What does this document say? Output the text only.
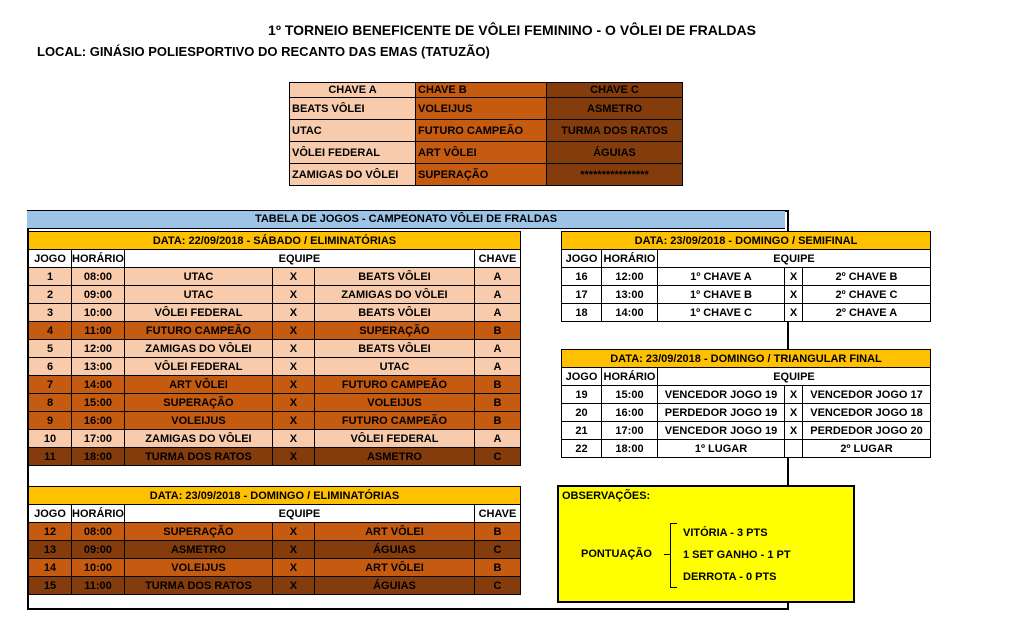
1º TORNEIO BENEFICENTE DE VÔLEI FEMININO - O VÔLEI DE FRALDAS
LOCAL: GINÁSIO POLIESPORTIVO DO RECANTO DAS EMAS (TATUZÃO)
CHAVE A	CHAVE B	CHAVE C
BEATS VÔLEI	VOLEIJUS	ASMETRO
UTAC	FUTURO CAMPEÃO	TURMA DOS RATOS
VÔLEI FEDERAL	ART VÔLEI	ÁGUIAS
ZAMIGAS DO VÔLEI	SUPERAÇÃO	****************
TABELA DE JOGOS - CAMPEONATO VÔLEI DE FRALDAS
DATA: 22/09/2018 - SÁBADO / ELIMINATÓRIAS					
JOGO	HORÁRIO	EQUIPE			CHAVE
1	08:00	UTAC	X	BEATS VÔLEI	A
2	09:00	UTAC	X	ZAMIGAS DO VÔLEI	A
3	10:00	VÔLEI FEDERAL	X	BEATS VÔLEI	A
4	11:00	FUTURO CAMPEÃO	X	SUPERAÇÃO	B
5	12:00	ZAMIGAS DO VÔLEI	X	BEATS VÔLEI	A
6	13:00	VÔLEI FEDERAL	X	UTAC	A
7	14:00	ART VÔLEI	X	FUTURO CAMPEÃO	B
8	15:00	SUPERAÇÃO	X	VOLEIJUS	B
9	16:00	VOLEIJUS	X	FUTURO CAMPEÃO	B
10	17:00	ZAMIGAS DO VÔLEI	X	VÔLEI FEDERAL	A
11	18:00	TURMA DOS RATOS	X	ASMETRO	C
DATA: 23/09/2018 - DOMINGO / ELIMINATÓRIAS					
JOGO	HORÁRIO	EQUIPE			CHAVE
12	08:00	SUPERAÇÃO	X	ART VÔLEI	B
13	09:00	ASMETRO	X	ÁGUIAS	C
14	10:00	VOLEIJUS	X	ART VÔLEI	B
15	11:00	TURMA DOS RATOS	X	ÁGUIAS	C
DATA: 23/09/2018 - DOMINGO / SEMIFINAL				
JOGO	HORÁRIO	EQUIPE		
16	12:00	1º CHAVE A	X	2º CHAVE B
17	13:00	1º CHAVE B	X	2º CHAVE C
18	14:00	1º CHAVE C	X	2º CHAVE A
DATA: 23/09/2018 - DOMINGO / TRIANGULAR FINAL				
JOGO	HORÁRIO	EQUIPE		
19	15:00	VENCEDOR JOGO 19	X	VENCEDOR JOGO 17
20	16:00	PERDEDOR JOGO 19	X	VENCEDOR JOGO 18
21	17:00	VENCEDOR JOGO 19	X	PERDEDOR JOGO 20
22	18:00	1º LUGAR		2º LUGAR
OBSERVAÇÕES:
PONTUAÇÃO
VITÓRIA - 3 PTS
1 SET GANHO - 1 PT
DERROTA - 0 PTS
